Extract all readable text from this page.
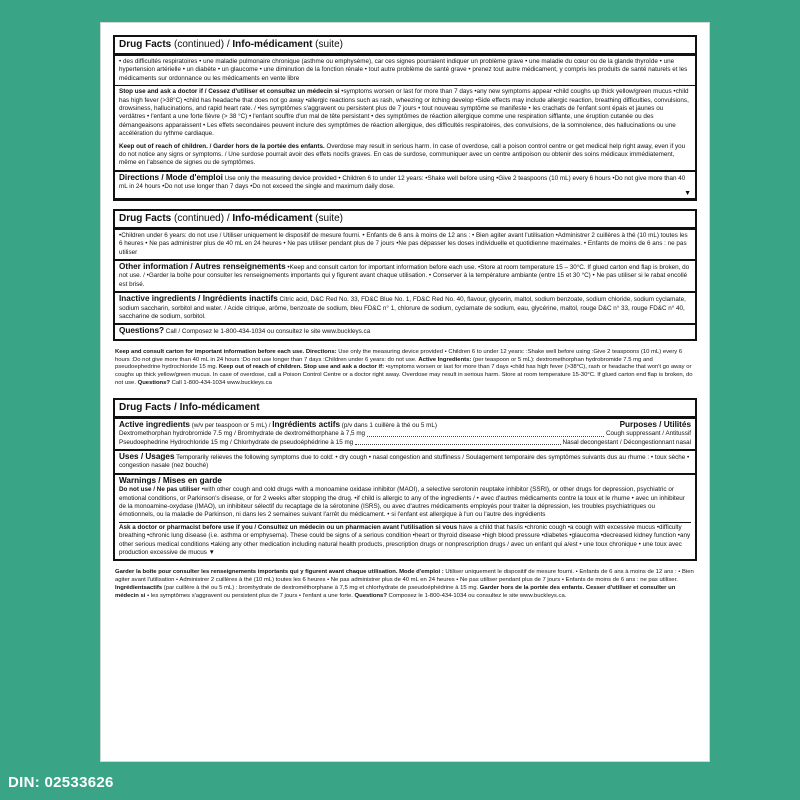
Drug Facts (continued) / Info-médicament (suite)
• des difficultés respiratoires • une maladie pulmonaire chronique (asthme ou emphysème), car ces signes pourraient indiquer un problème grave • une maladie du cœur ou de la glande thyroïde • une hypertension artérielle • un diabète • un glaucome • une diminution de la fonction rénale • tout autre problème de santé grave • prenez tout autre médicament, y compris les produits de santé naturels et les médicaments sur ordonnance ou les médicaments en vente libre
Stop use and ask a doctor if / Cessez d'utiliser et consultez un médecin si •symptoms worsen or last for more than 7 days •any new symptoms appear •child coughs up thick yellow/green mucus •child has high fever (>38°C) •child has headache that does not go away •allergic reactions such as rash, wheezing or itching develop •Side effects may include allergic reaction, breathing difficulties, convulsions, drowsiness, hallucinations, and rapid heart rate. / •les symptômes s'aggravent ou persistent plus de 7 jours • tout nouveau symptôme se manifeste • les crachats de l'enfant sont épais et jaunes ou verdâtres • l'enfant a une forte fièvre (> 38 °C) • l'enfant souffre d'un mal de tête persistant • des symptômes de réaction allergique comme une respiration sifflante, une éruption cutanée ou des démangeaisons apparaissent • Les effets secondaires peuvent inclure des symptômes de réaction allergique, des difficultés respiratoires, des convulsions, de la somnolence, des hallucinations ou une accélération du rythme cardiaque.
Keep out of reach of children. / Garder hors de la portée des enfants. Overdose may result in serious harm. In case of overdose, call a poison control centre or get medical help right away, even if you do not notice any signs or symptoms. / Une surdose pourrait avoir des effets nocifs graves. En cas de surdose, communiquer avec un centre antipoison ou obtenir des soins médicaux immédiatement, même en l'absence de signes ou de symptômes.
Directions / Mode d'emploi Use only the measuring device provided • Children 6 to under 12 years: •Shake well before using •Give 2 teaspoons (10 mL) every 6 hours •Do not give more than 40 mL in 24 hours •Do not use longer than 7 days •Do not exceed the single and maximum daily dose.
▼
Drug Facts (continued) / Info-médicament (suite)
•Children under 6 years: do not use / Utiliser uniquement le dispositif de mesure fourni. • Enfants de 6 ans à moins de 12 ans : • Bien agiter avant l'utilisation •Administrer 2 cuillères à thé (10 mL) toutes les 6 heures • Ne pas administrer plus de 40 mL en 24 heures • Ne pas utiliser pendant plus de 7 jours •Ne pas dépasser les doses individuelle et quotidienne maximales. • Enfants de moins de 6 ans : ne pas utiliser
Other information / Autres renseignements •Keep and consult carton for important information before each use. •Store at room temperature 15 – 30°C. If glued carton end flap is broken, do not use. / •Garder la boîte pour consulter les renseignements importants qui y figurent avant chaque utilisation. • Conserver à la température ambiante (entre 15 et 30 °C) • Ne pas utiliser si le rabat encollé est brisé.
Inactive ingredients / Ingrédients inactifs Citric acid, D&C Red No. 33, FD&C Blue No. 1, FD&C Red No. 40, flavour, glycerin, maltol, sodium benzoate, sodium chloride, sodium cyclamate, sodium saccharin, sorbitol and water. / Acide citrique, arôme, benzoate de sodium, bleu FD&C n° 1, chlorure de sodium, cyclamate de sodium, eau, glycérine, maltol, rouge D&C n° 33, rouge FD&C n° 40, saccharine de sodium, sorbitol.
Questions? Call / Composez le 1-800-434-1034 ou consultez le site www.buckleys.ca
Keep and consult carton for important information before each use. Directions: Use only the measuring device provided • Children 6 to under 12 years: :Shake well before using :Give 2 teaspoons (10 mL) every 6 hours :Do not give more than 40 mL in 24 hours :Do not use longer than 7 days :Children under 6 years: do not use. Active Ingredients: (per teaspoon or 5 mL): dextromethorphan hydrobromide 7.5 mg and pseudoephedrine hydrochloride 15 mg. Keep out of reach of children. Stop use and ask a doctor if: •symptoms worsen or last for more than 7 days •child has high fever (>38°C), rash or headache that won't go away or coughs up thick yellow/green mucus. In case of overdose, call a Poison Control Centre or a doctor right away. Overdose may result in serious harm. Store at room temperature 15-30°C. If glued carton end flap is broken, do not use. Questions? Call 1-800-434-1034 www.buckleys.ca
Drug Facts / Info-médicament
Active ingredients (w/v per teaspoon or 5 mL) / Ingrédients actifs (p/v dans 1 cuillère à thé ou 5 mL)	Purposes / Utilités
Dextromethorphan hydrobromide 7.5 mg / Bromhydrate de dextrométhorphane à 7,5 mg	Cough suppressant / Antitussif
Pseudoephedrine Hydrochloride 15 mg / Chlorhydrate de pseudoéphédrine à 15 mg	Nasal decongestant / Décongestionnant nasal
Uses / Usages Temporarily relieves the following symptoms due to cold: • dry cough • nasal congestion and stuffiness / Soulagement temporaire des symptômes suivants dus au rhume : • toux sèche • congestion nasale (nez bouché)
Warnings / Mises en garde
Do not use / Ne pas utiliser •with other cough and cold drugs •with a monoamine oxidase inhibitor (MAOI), a selective serotonin reuptake inhibitor (SSRI), or other drugs for depression, psychiatric or emotional conditions, or Parkinson's disease, or for 2 weeks after stopping the drug. •if child is allergic to any of the ingredients / • avec d'autres médicaments contre la toux et le rhume • avec un inhibiteur de la monoamine-oxydase (IMAO), un inhibiteur sélectif du recaptage de la sérotonine (ISRS), ou avec d'autres médicaments employés pour traiter la dépression, les troubles psychiatriques ou émotionnels, ou la maladie de Parkinson, ni dans les 2 semaines suivant l'arrêt du médicament. • si l'enfant est allergique à l'un ou l'autre des ingrédients
Ask a doctor or pharmacist before use if you / Consultez un médecin ou un pharmacien avant l'utilisation si vous have a child that has/is •chronic cough •a cough with excessive mucus •difficulty breathing •chronic lung disease (i.e. asthma or emphysema). These could be signs of a serious condition •heart or thyroid disease •high blood pressure •diabetes •glaucoma •decreased kidney function •any other serious medical conditions •taking any other medication including natural health products, prescription drugs or nonprescription drugs / avec un enfant qui a/est • une toux chronique • une toux avec production excessive de mucus ▼
Garder la boîte pour consulter les renseignements importants qui y figurent avant chaque utilisation. Mode d'emploi : Utiliser uniquement le dispositif de mesure fourni. • Enfants de 6 ans à moins de 12 ans : • Bien agiter avant l'utilisation • Administrer 2 cuillères à thé (10 mL) toutes les 6 heures • Ne pas administrer plus de 40 mL en 24 heures • Ne pas utiliser pendant plus de 7 jours • Enfants de moins de 6 ans : ne pas utiliser. Ingrédientsactifs (par cuillère à thé ou 5 mL) : bromhydrate de dextrométhorphane à 7,5 mg et chlorhydrate de pseudoéphédrine à 15 mg. Garder hors de la portée des enfants. Cesser d'utiliser et consulter un médecin si • les symptômes s'aggravent ou persistent plus de 7 jours • l'enfant a une forte. Questions? Composez le 1-800-434-1034 ou consultez le site www.buckleys.ca.
DIN: 02533626
